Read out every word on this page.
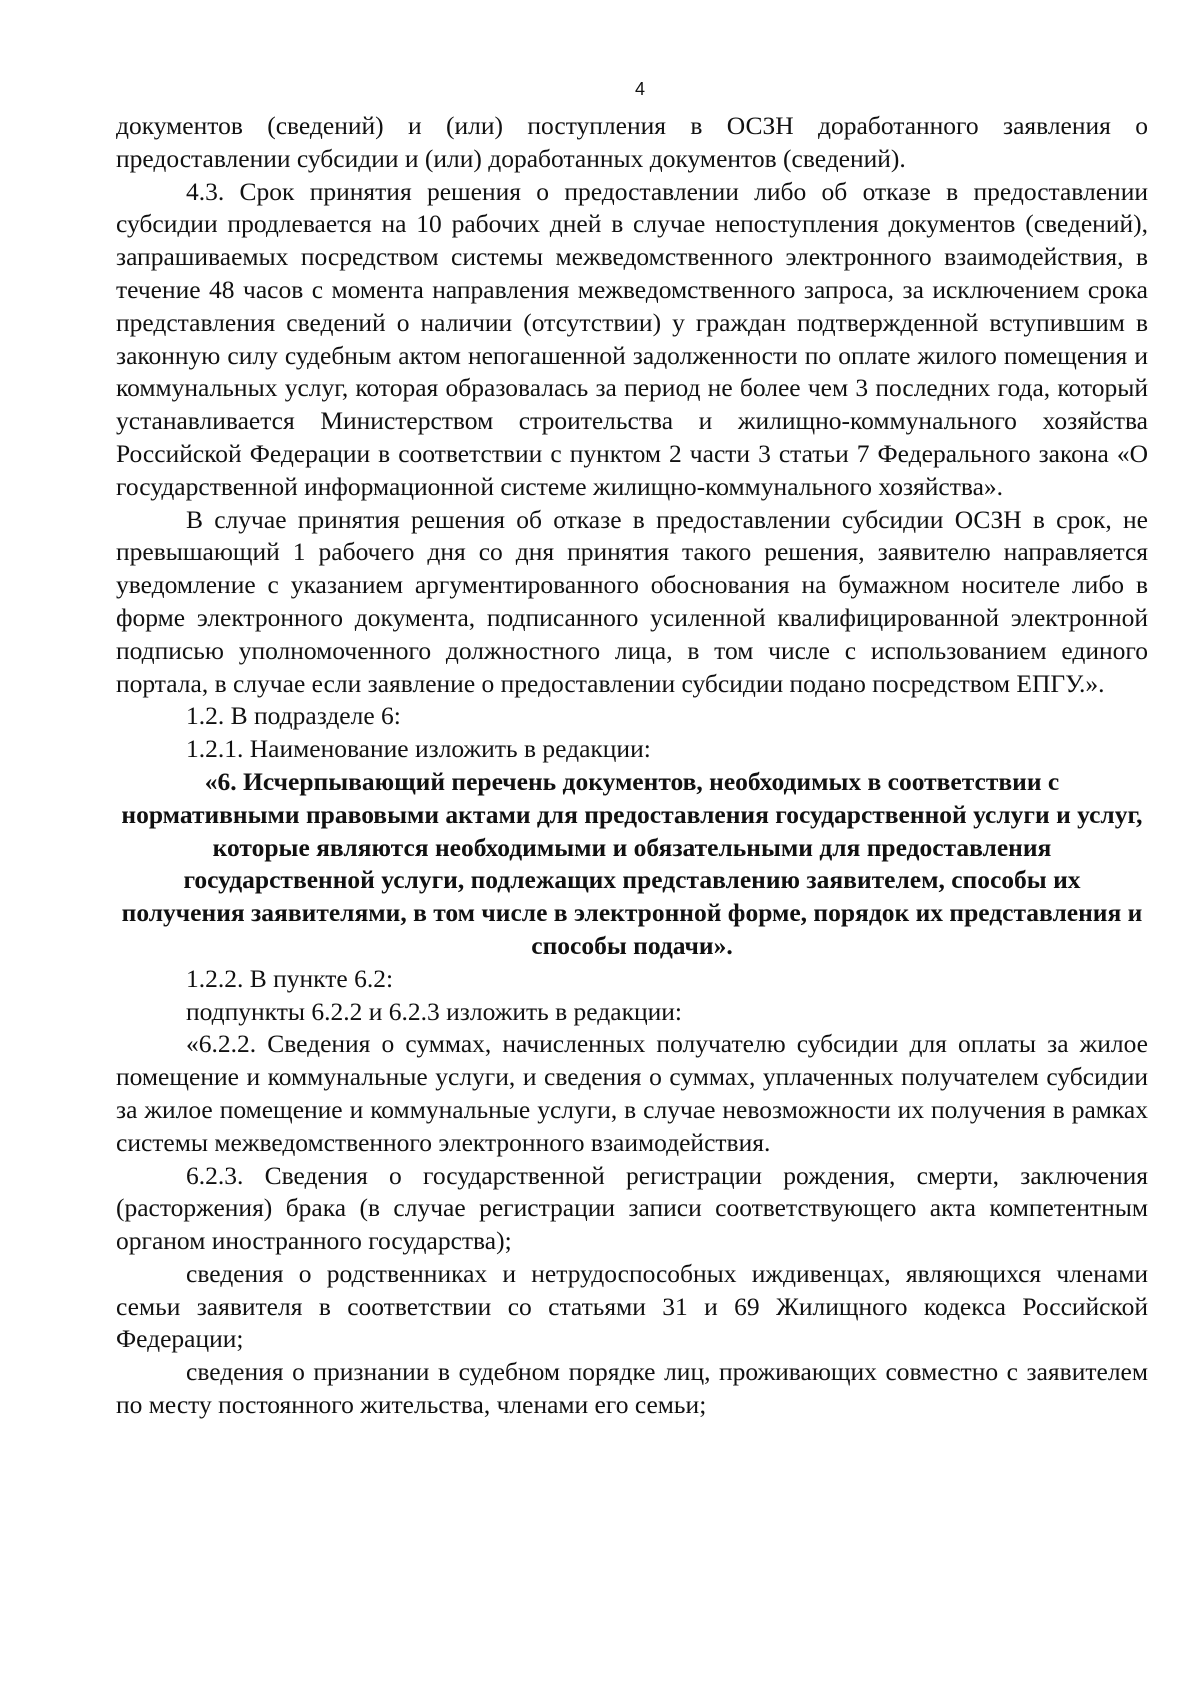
4

документов (сведений) и (или) поступления в ОСЗН доработанного заявления о предоставлении субсидии и (или) доработанных документов (сведений).

4.3. Срок принятия решения о предоставлении либо об отказе в предоставлении субсидии продлевается на 10 рабочих дней в случае непоступления документов (сведений), запрашиваемых посредством системы межведомственного электронного взаимодействия, в течение 48 часов с момента направления межведомственного запроса, за исключением срока представления сведений о наличии (отсутствии) у граждан подтвержденной вступившим в законную силу судебным актом непогашенной задолженности по оплате жилого помещения и коммунальных услуг, которая образовалась за период не более чем 3 последних года, который устанавливается Министерством строительства и жилищно-коммунального хозяйства Российской Федерации в соответствии с пунктом 2 части 3 статьи 7 Федерального закона «О государственной информационной системе жилищно-коммунального хозяйства».

В случае принятия решения об отказе в предоставлении субсидии ОСЗН в срок, не превышающий 1 рабочего дня со дня принятия такого решения, заявителю направляется уведомление с указанием аргументированного обоснования на бумажном носителе либо в форме электронного документа, подписанного усиленной квалифицированной электронной подписью уполномоченного должностного лица, в том числе с использованием единого портала, в случае если заявление о предоставлении субсидии подано посредством ЕПГУ.».

1.2. В подразделе 6:

1.2.1. Наименование изложить в редакции:

«6. Исчерпывающий перечень документов, необходимых в соответствии с нормативными правовыми актами для предоставления государственной услуги и услуг, которые являются необходимыми и обязательными для предоставления государственной услуги, подлежащих представлению заявителем, способы их получения заявителями, в том числе в электронной форме, порядок их представления и способы подачи».

1.2.2. В пункте 6.2:

подпункты 6.2.2 и 6.2.3 изложить в редакции:

«6.2.2. Сведения о суммах, начисленных получателю субсидии для оплаты за жилое помещение и коммунальные услуги, и сведения о суммах, уплаченных получателем субсидии за жилое помещение и коммунальные услуги, в случае невозможности их получения в рамках системы межведомственного электронного взаимодействия.

6.2.3. Сведения о государственной регистрации рождения, смерти, заключения (расторжения) брака (в случае регистрации записи соответствующего акта компетентным органом иностранного государства);

сведения о родственниках и нетрудоспособных иждивенцах, являющихся членами семьи заявителя в соответствии со статьями 31 и 69 Жилищного кодекса Российской Федерации;

сведения о признании в судебном порядке лиц, проживающих совместно с заявителем по месту постоянного жительства, членами его семьи;
